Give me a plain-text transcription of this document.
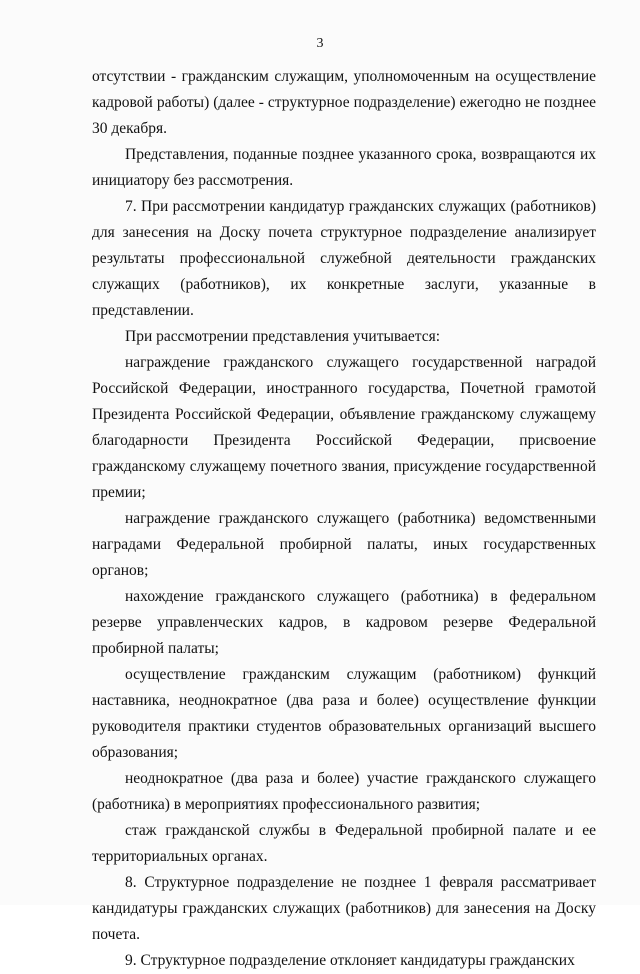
3

отсутствии - гражданским служащим, уполномоченным на осуществление кадровой работы) (далее - структурное подразделение) ежегодно не позднее 30 декабря.

Представления, поданные позднее указанного срока, возвращаются их инициатору без рассмотрения.

7. При рассмотрении кандидатур гражданских служащих (работников) для занесения на Доску почета структурное подразделение анализирует результаты профессиональной служебной деятельности гражданских служащих (работников), их конкретные заслуги, указанные в представлении.

При рассмотрении представления учитывается:

награждение гражданского служащего государственной наградой Российской Федерации, иностранного государства, Почетной грамотой Президента Российской Федерации, объявление гражданскому служащему благодарности Президента Российской Федерации, присвоение гражданскому служащему почетного звания, присуждение государственной премии;

награждение гражданского служащего (работника) ведомственными наградами Федеральной пробирной палаты, иных государственных органов;

нахождение гражданского служащего (работника) в федеральном резерве управленческих кадров, в кадровом резерве Федеральной пробирной палаты;

осуществление гражданским служащим (работником) функций наставника, неоднократное (два раза и более) осуществление функции руководителя практики студентов образовательных организаций высшего образования;

неоднократное (два раза и более) участие гражданского служащего (работника) в мероприятиях профессионального развития;

стаж гражданской службы в Федеральной пробирной палате и ее территориальных органах.

8. Структурное подразделение не позднее 1 февраля рассматривает кандидатуры гражданских служащих (работников) для занесения на Доску почета.

9. Структурное подразделение отклоняет кандидатуры гражданских
